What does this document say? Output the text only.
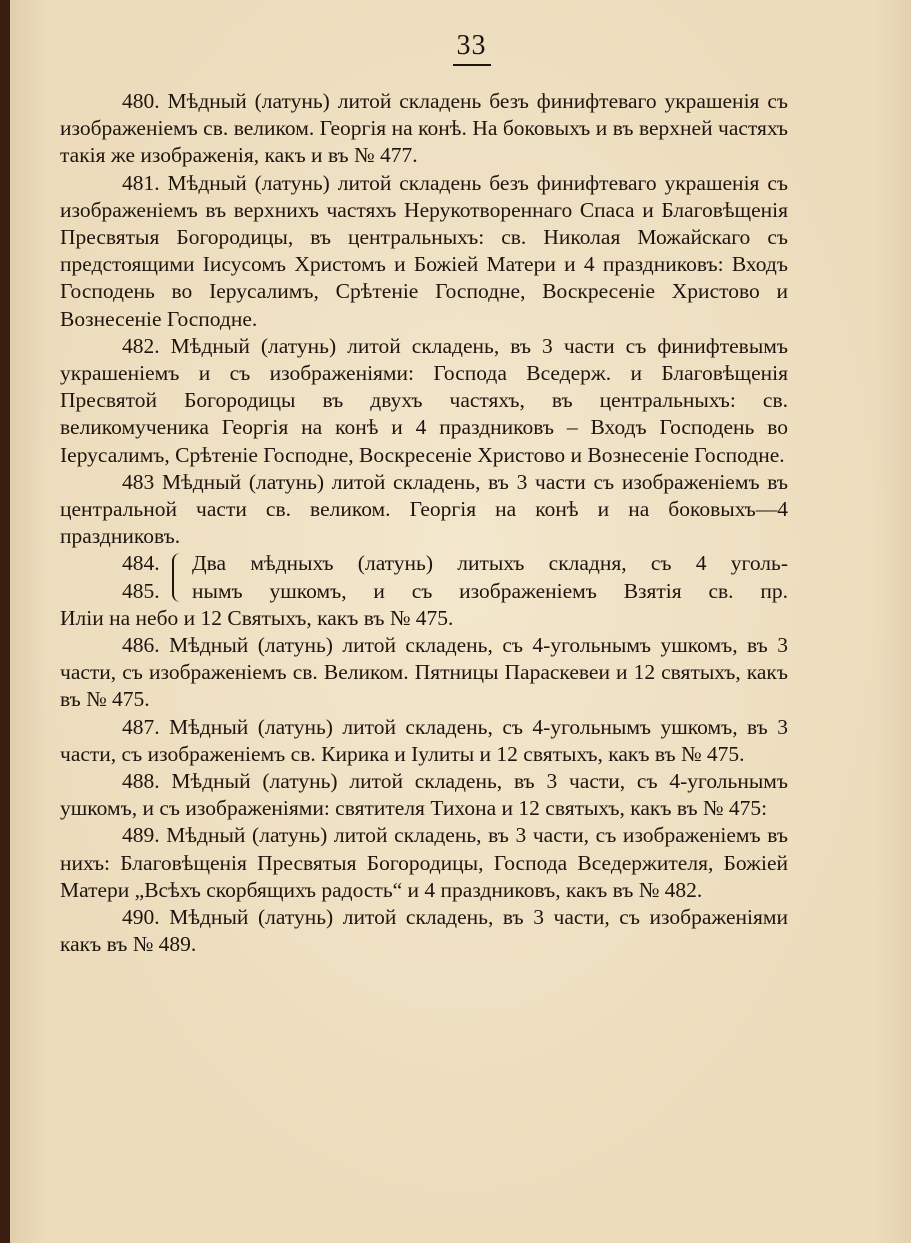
33

480. Мѣдный (латунь) литой складень безъ финифтеваго украшенія съ изображеніемъ св. великом. Георгія на конѣ. На боковыхъ и въ верхней частяхъ такія же изображенія, какъ и въ № 477.

481. Мѣдный (латунь) литой складень безъ финифтеваго украшенія съ изображеніемъ въ верхнихъ частяхъ Нерукотвореннаго Спаса и Благовѣщенія Пресвятыя Богородицы, въ центральныхъ: св. Николая Можайскаго съ предстоящими Іисусомъ Христомъ и Божіей Матери и 4 праздниковъ: Входъ Господень во Іерусалимъ, Срѣтеніе Господне, Воскресеніе Христово и Вознесеніе Господне.

482. Мѣдный (латунь) литой складень, въ 3 части съ финифтевымъ украшеніемъ и съ изображеніями: Господа Вседерж. и Благовѣщенія Пресвятой Богородицы въ двухъ частяхъ, въ центральныхъ: св. великомученика Георгія на конѣ и 4 праздниковъ – Входъ Господень во Іерусалимъ, Срѣтеніе Господне, Воскресеніе Христово и Вознесеніе Господне.

483 Мѣдный (латунь) литой складень, въ 3 части съ изображеніемъ въ центральной части св. великом. Георгія на конѣ и на боковыхъ—4 праздниковъ.

484.
485.
Два мѣдныхъ (латунь) литыхъ складня, съ 4 уголь-
нымъ ушкомъ, и съ изображеніемъ Взятія св. пр.

Иліи на небо и 12 Святыхъ, какъ въ № 475.

486. Мѣдный (латунь) литой складень, съ 4-угольнымъ ушкомъ, въ 3 части, съ изображеніемъ св. Великом. Пятницы Параскевеи и 12 святыхъ, какъ въ № 475.

487. Мѣдный (латунь) литой складень, съ 4-угольнымъ ушкомъ, въ 3 части, съ изображеніемъ св. Кирика и Іулиты и 12 святыхъ, какъ въ № 475.

488. Мѣдный (латунь) литой складень, въ 3 части, съ 4-угольнымъ ушкомъ, и съ изображеніями: святителя Тихона и 12 святыхъ, какъ въ № 475:

489. Мѣдный (латунь) литой складень, въ 3 части, съ изображеніемъ въ нихъ: Благовѣщенія Пресвятыя Богородицы, Господа Вседержителя, Божіей Матери „Всѣхъ скорбящихъ радость“ и 4 праздниковъ, какъ въ № 482.

490. Мѣдный (латунь) литой складень, въ 3 части, съ изображеніями какъ въ № 489.
